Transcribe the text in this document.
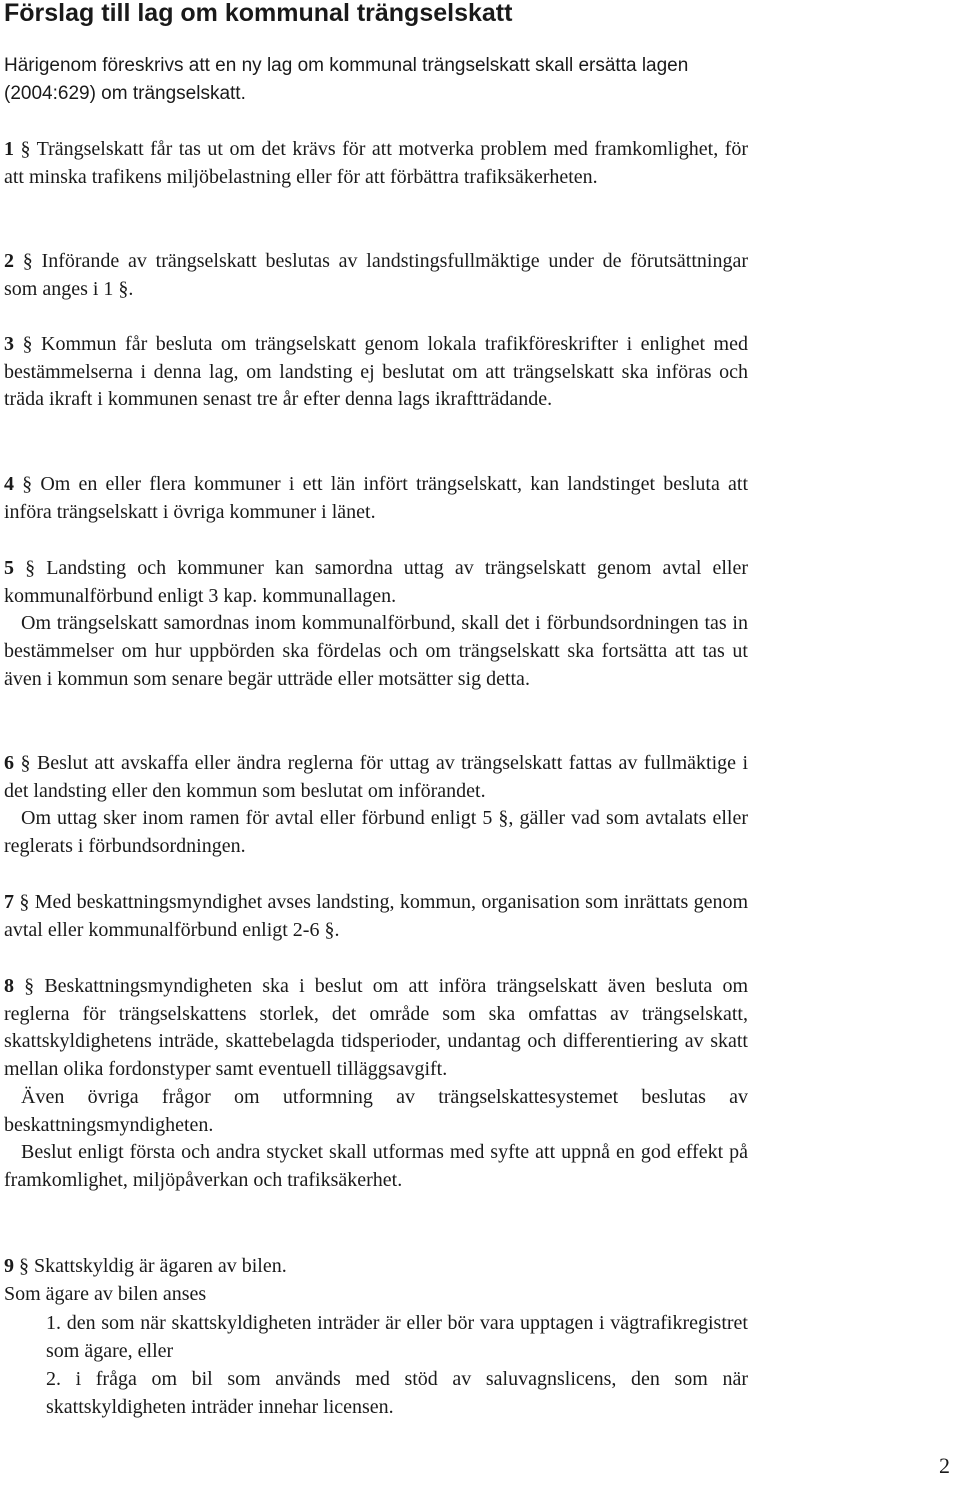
Förslag till lag om kommunal trängselskatt

Härigenom föreskrivs att en ny lag om kommunal trängselskatt skall ersätta lagen (2004:629) om trängselskatt.

1 § Trängselskatt får tas ut om det krävs för att motverka problem med framkomlighet, för att minska trafikens miljöbelastning eller för att förbättra trafiksäkerheten.

2 § Införande av trängselskatt beslutas av landstingsfullmäktige under de förutsättningar som anges i 1 §.

3 § Kommun får besluta om trängselskatt genom lokala trafikföreskrifter i enlighet med bestämmelserna i denna lag, om landsting ej beslutat om att trängselskatt ska införas och träda ikraft i kommunen senast tre år efter denna lags ikraftträdande.

4 § Om en eller flera kommuner i ett län infört trängselskatt, kan landstinget besluta att införa trängselskatt i övriga kommuner i länet.

5 § Landsting och kommuner kan samordna uttag av trängselskatt genom avtal eller kommunalförbund enligt 3 kap. kommunallagen.

Om trängselskatt samordnas inom kommunalförbund, skall det i förbundsordningen tas in bestämmelser om hur uppbörden ska fördelas och om trängselskatt ska fortsätta att tas ut även i kommun som senare begär utträde eller motsätter sig detta.

6 § Beslut att avskaffa eller ändra reglerna för uttag av trängselskatt fattas av fullmäktige i det landsting eller den kommun som beslutat om införandet.

Om uttag sker inom ramen för avtal eller förbund enligt 5 §, gäller vad som avtalats eller reglerats i förbundsordningen.

7 § Med beskattningsmyndighet avses landsting, kommun, organisation som inrättats genom avtal eller kommunalförbund enligt 2-6 §.

8 § Beskattningsmyndigheten ska i beslut om att införa trängselskatt även besluta om reglerna för trängselskattens storlek, det område som ska omfattas av trängselskatt, skattskyldighetens inträde, skattebelagda tidsperioder, undantag och differentiering av skatt mellan olika fordonstyper samt eventuell tilläggsavgift.

Även övriga frågor om utformning av trängselskattesystemet beslutas av beskattningsmyndigheten.

Beslut enligt första och andra stycket skall utformas med syfte att uppnå en god effekt på framkomlighet, miljöpåverkan och trafiksäkerhet.

9 § Skattskyldig är ägaren av bilen.

Som ägare av bilen anses

1. den som när skattskyldigheten inträder är eller bör vara upptagen i vägtrafikregistret som ägare, eller

2. i fråga om bil som används med stöd av saluvagnslicens, den som när skattskyldigheten inträder innehar licensen.

2
